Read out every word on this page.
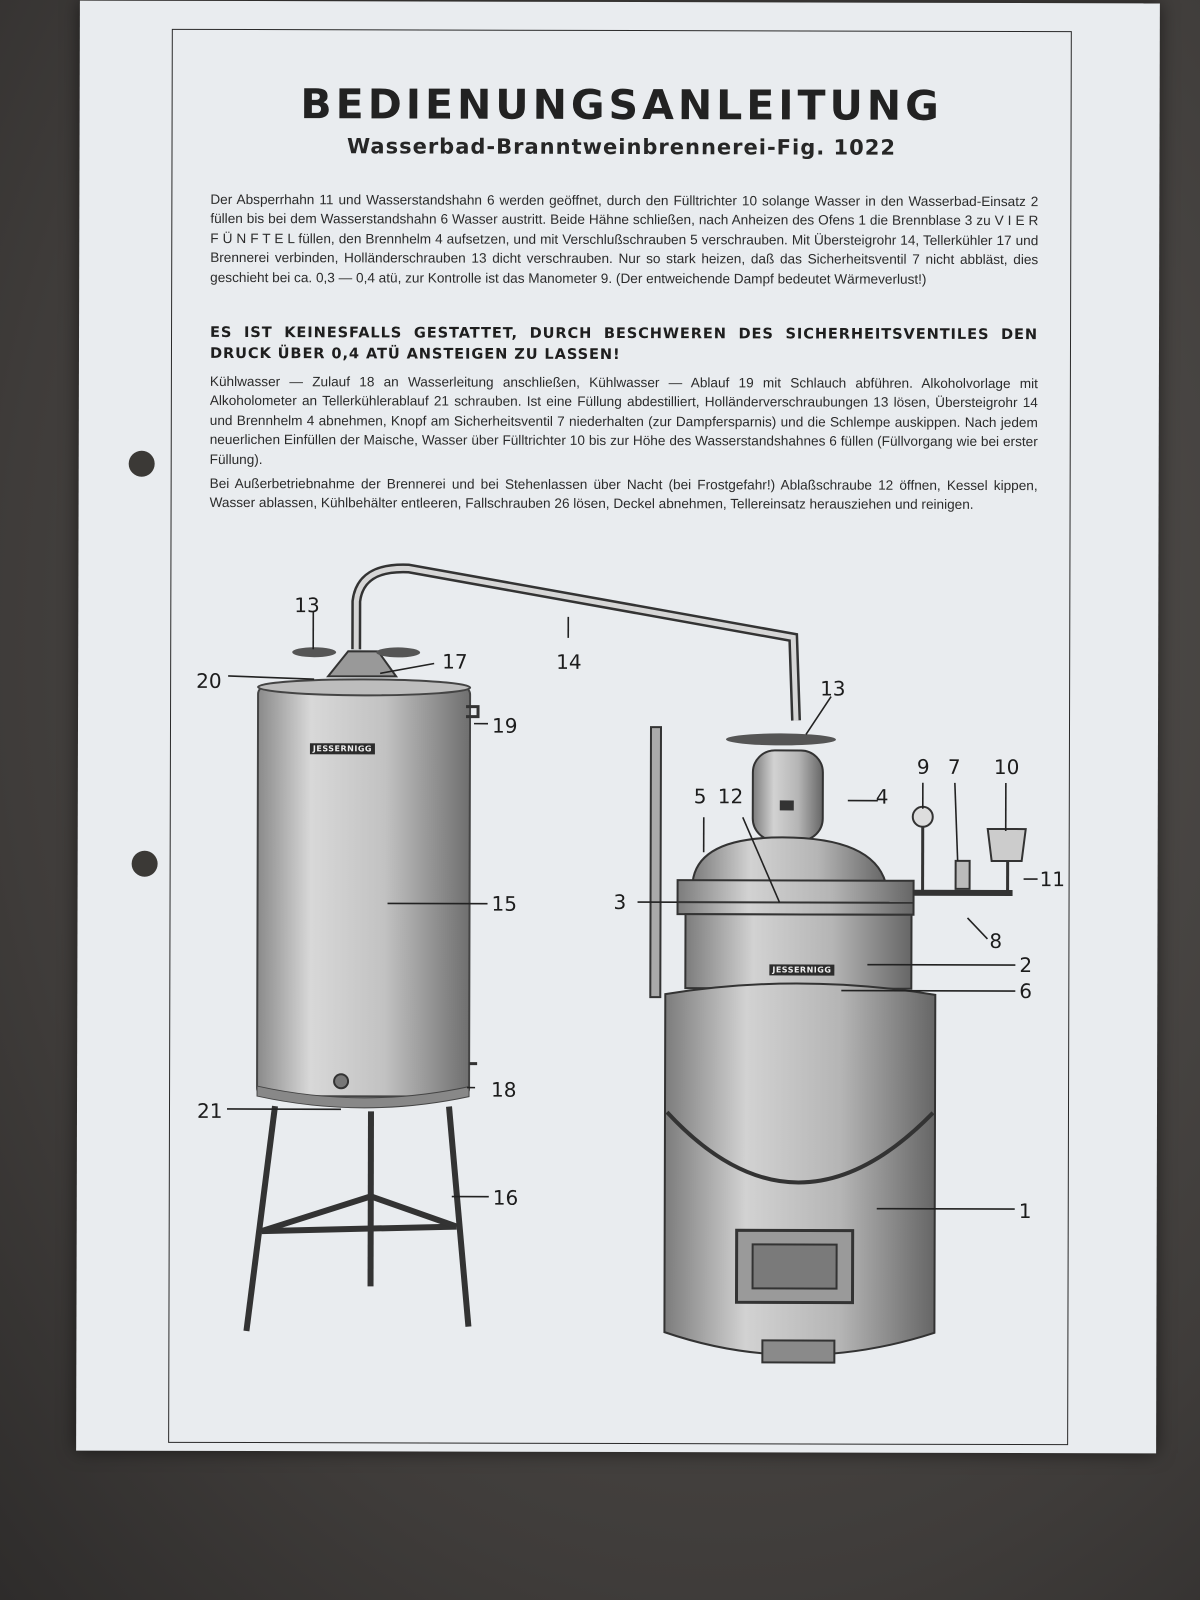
BEDIENUNGSANLEITUNG
Wasserbad-Branntweinbrennerei-Fig. 1022
Der Absperrhahn 11 und Wasserstandshahn 6 werden geöffnet, durch den Fülltrichter 10 solange Wasser in den Wasserbad-Einsatz 2 füllen bis bei dem Wasserstandshahn 6 Wasser austritt. Beide Hähne schließen, nach Anheizen des Ofens 1 die Brennblase 3 zu V I E R F Ü N F T E L füllen, den Brennhelm 4 aufsetzen, und mit Verschlußschrauben 5 verschrauben. Mit Übersteigrohr 14, Tellerkühler 17 und Brennerei verbinden, Holländerschrauben 13 dicht verschrauben. Nur so stark heizen, daß das Sicherheitsventil 7 nicht abbläst, dies geschieht bei ca. 0,3 — 0,4 atü, zur Kontrolle ist das Manometer 9. (Der entweichende Dampf bedeutet Wärmeverlust!)
ES IST KEINESFALLS GESTATTET, DURCH BESCHWEREN DES SICHERHEITSVENTILES DEN DRUCK ÜBER 0,4 ATÜ ANSTEIGEN ZU LASSEN!
Kühlwasser — Zulauf 18 an Wasserleitung anschließen, Kühlwasser — Ablauf 19 mit Schlauch abführen. Alkoholvorlage mit Alkoholometer an Tellerkühlerablauf 21 schrauben. Ist eine Füllung abdestilliert, Holländerverschraubungen 13 lösen, Übersteigrohr 14 und Brennhelm 4 abnehmen, Knopf am Sicherheitsventil 7 niederhalten (zur Dampfersparnis) und die Schlempe auskippen. Nach jedem neuerlichen Einfüllen der Maische, Wasser über Fülltrichter 10 bis zur Höhe des Wasserstandshahnes 6 füllen (Füllvorgang wie bei erster Füllung).
Bei Außerbetriebnahme der Brennerei und bei Stehenlassen über Nacht (bei Frostgefahr!) Ablaßschraube 12 öffnen, Kessel kippen, Wasser ablassen, Kühlbehälter entleeren, Fallschrauben 26 lösen, Deckel abnehmen, Tellereinsatz herausziehen und reinigen.
JESSERNIGG
JESSERNIGG
13
20
17	14
19
15
18
21
16
13
9 7 10
4
5 12
11
3
8
2
6
1
